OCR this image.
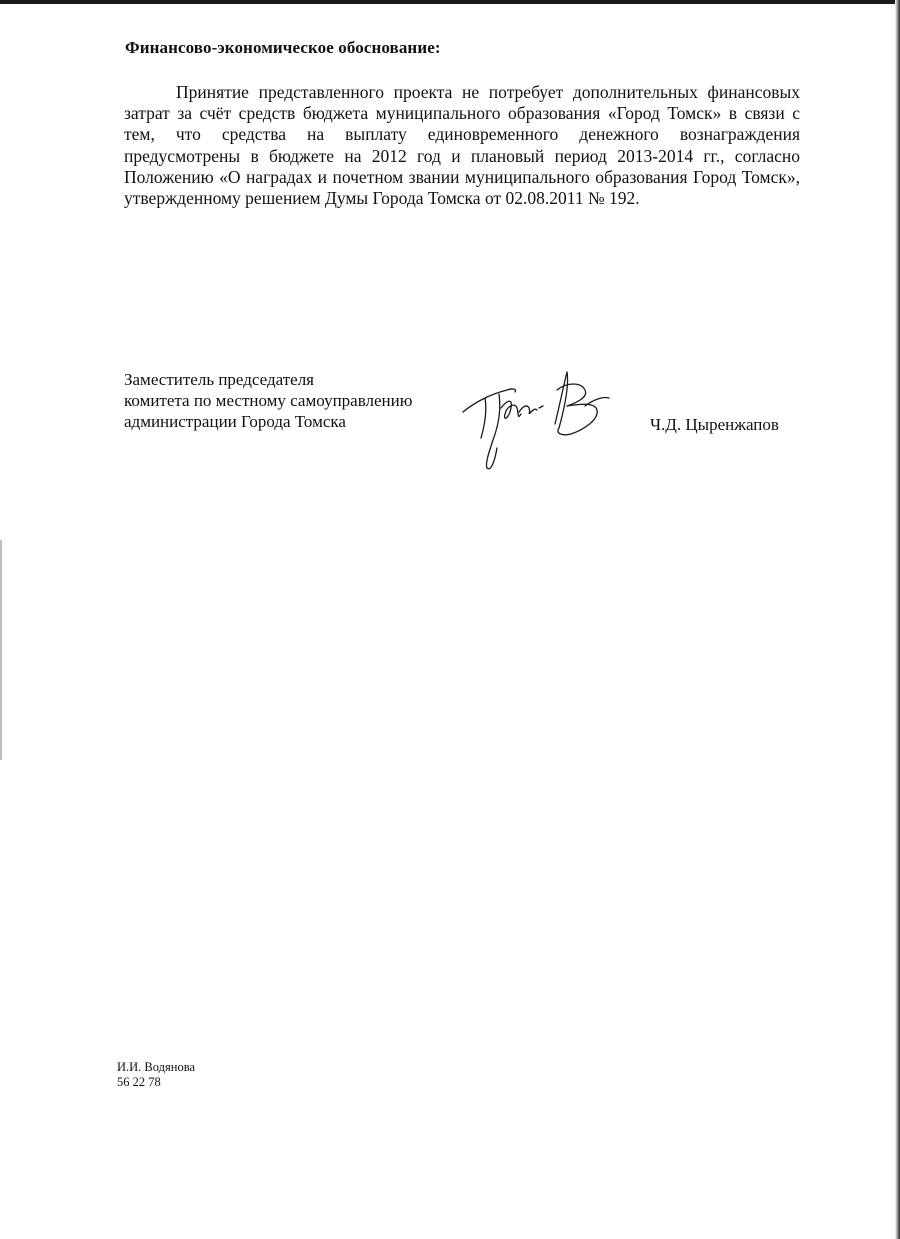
Финансово-экономическое обоснование:

Принятие представленного проекта не потребует дополнительных финансовых затрат за счёт средств бюджета муниципального образования «Город Томск» в связи с тем, что средства на выплату единовременного денежного вознаграждения предусмотрены в бюджете на 2012 год и плановый период 2013-2014 гг., согласно Положению «О наградах и почетном звании муниципального образования Город Томск», утвержденному решением Думы Города Томска от 02.08.2011 № 192.

Заместитель председателя
комитета по местному самоуправлению
администрации Города Томска	Ч.Д. Цыренжапов
И.И. Водянова
56 22 78
